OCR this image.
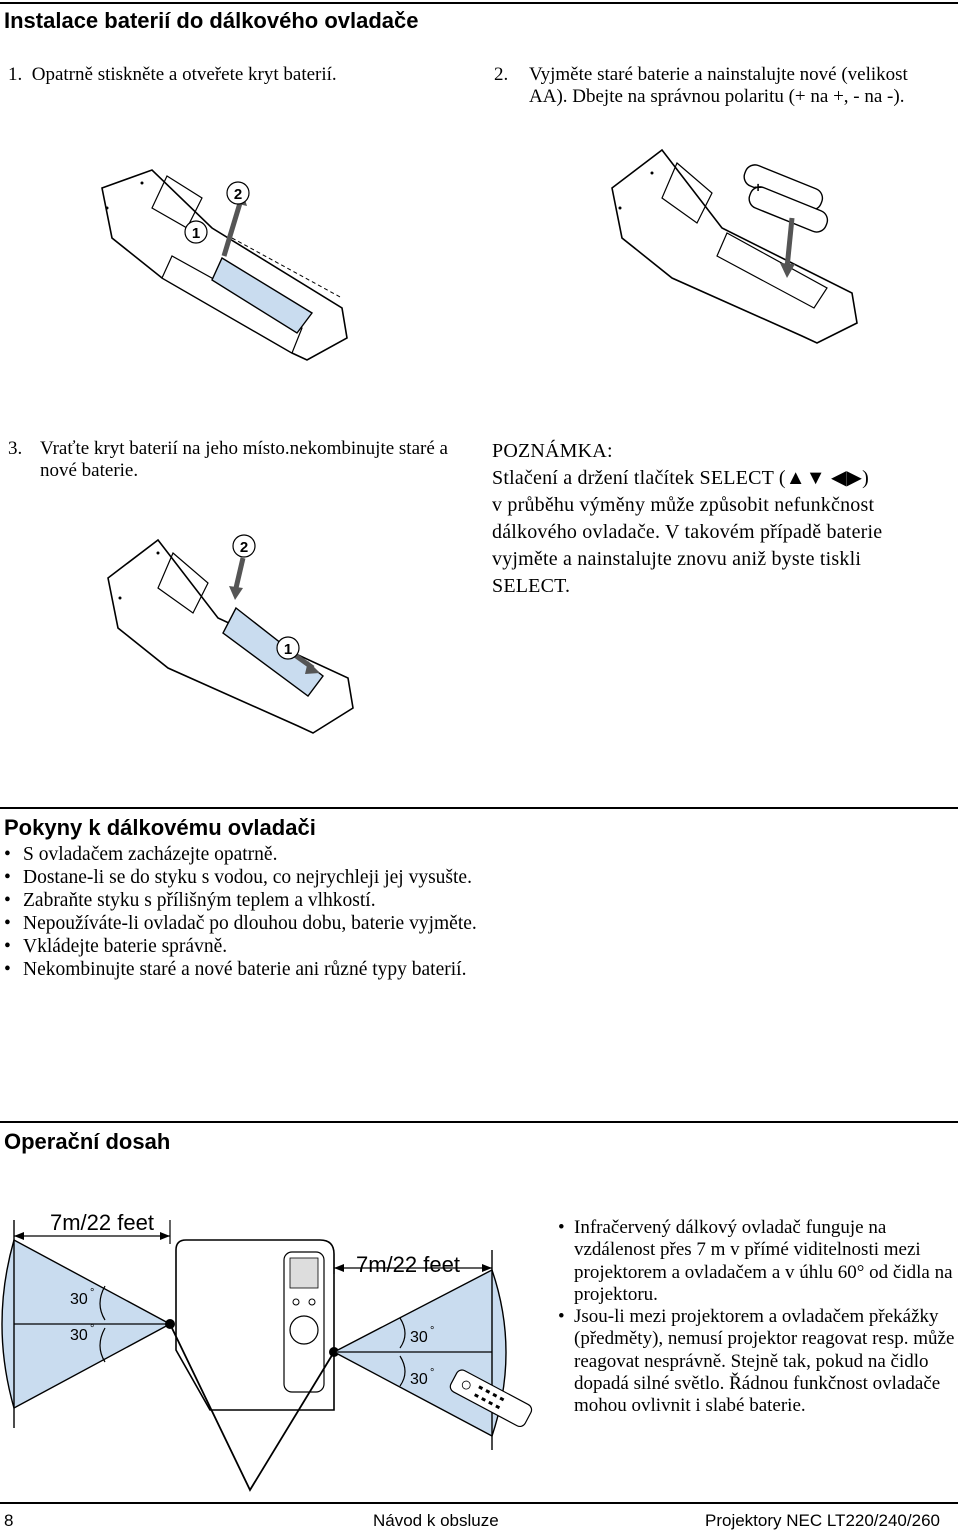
Instalace baterií do dálkového ovladače
1.  Opatrně stiskněte a otveřete kryt baterií.	2. Vyjměte staré baterie a nainstalujte nové (velikost AA). Dbejte na správnou polaritu (+ na +, - na -).
1
2	+
3. Vraťte kryt baterií na jeho místo.nekombinujte staré a nové baterie.
2
1
POZNÁMKA:
Stlačení a držení tlačítek SELECT (▲▼ ◀▶)
v průběhu výměny může způsobit nefunkčnost
dálkového ovladače. V takovém případě baterie
vyjměte a nainstalujte znovu aniž byste tiskli
SELECT.
Pokyny k dálkovému ovladači
• S ovladačem zacházejte opatrně.
• Dostane-li se do styku s vodou, co nejrychleji jej vysušte.
• Zabraňte styku s přílišným teplem a vlhkostí.
• Nepoužíváte-li ovladač po dlouhou dobu, baterie vyjměte.
• Vkládejte baterie správně.
• Nekombinujte staré a nové baterie ani různé typy baterií.
Operační dosah
7m/22 feet
30 °
30 °
7m/22 feet
30 °
30 °
• Infračervený dálkový ovladač funguje na vzdálenost přes 7 m v přímé viditelnosti mezi projektorem a ovladačem a v úhlu 60° od čidla na projektoru.
• Jsou-li mezi projektorem a ovladačem překážky (předměty), nemusí projektor reagovat resp. může reagovat nesprávně. Stejně tak, pokud na čidlo dopadá silné světlo. Řádnou funkčnost ovladače mohou ovlivnit i slabé baterie.
8	Návod k obsluze	Projektory NEC LT220/240/260
